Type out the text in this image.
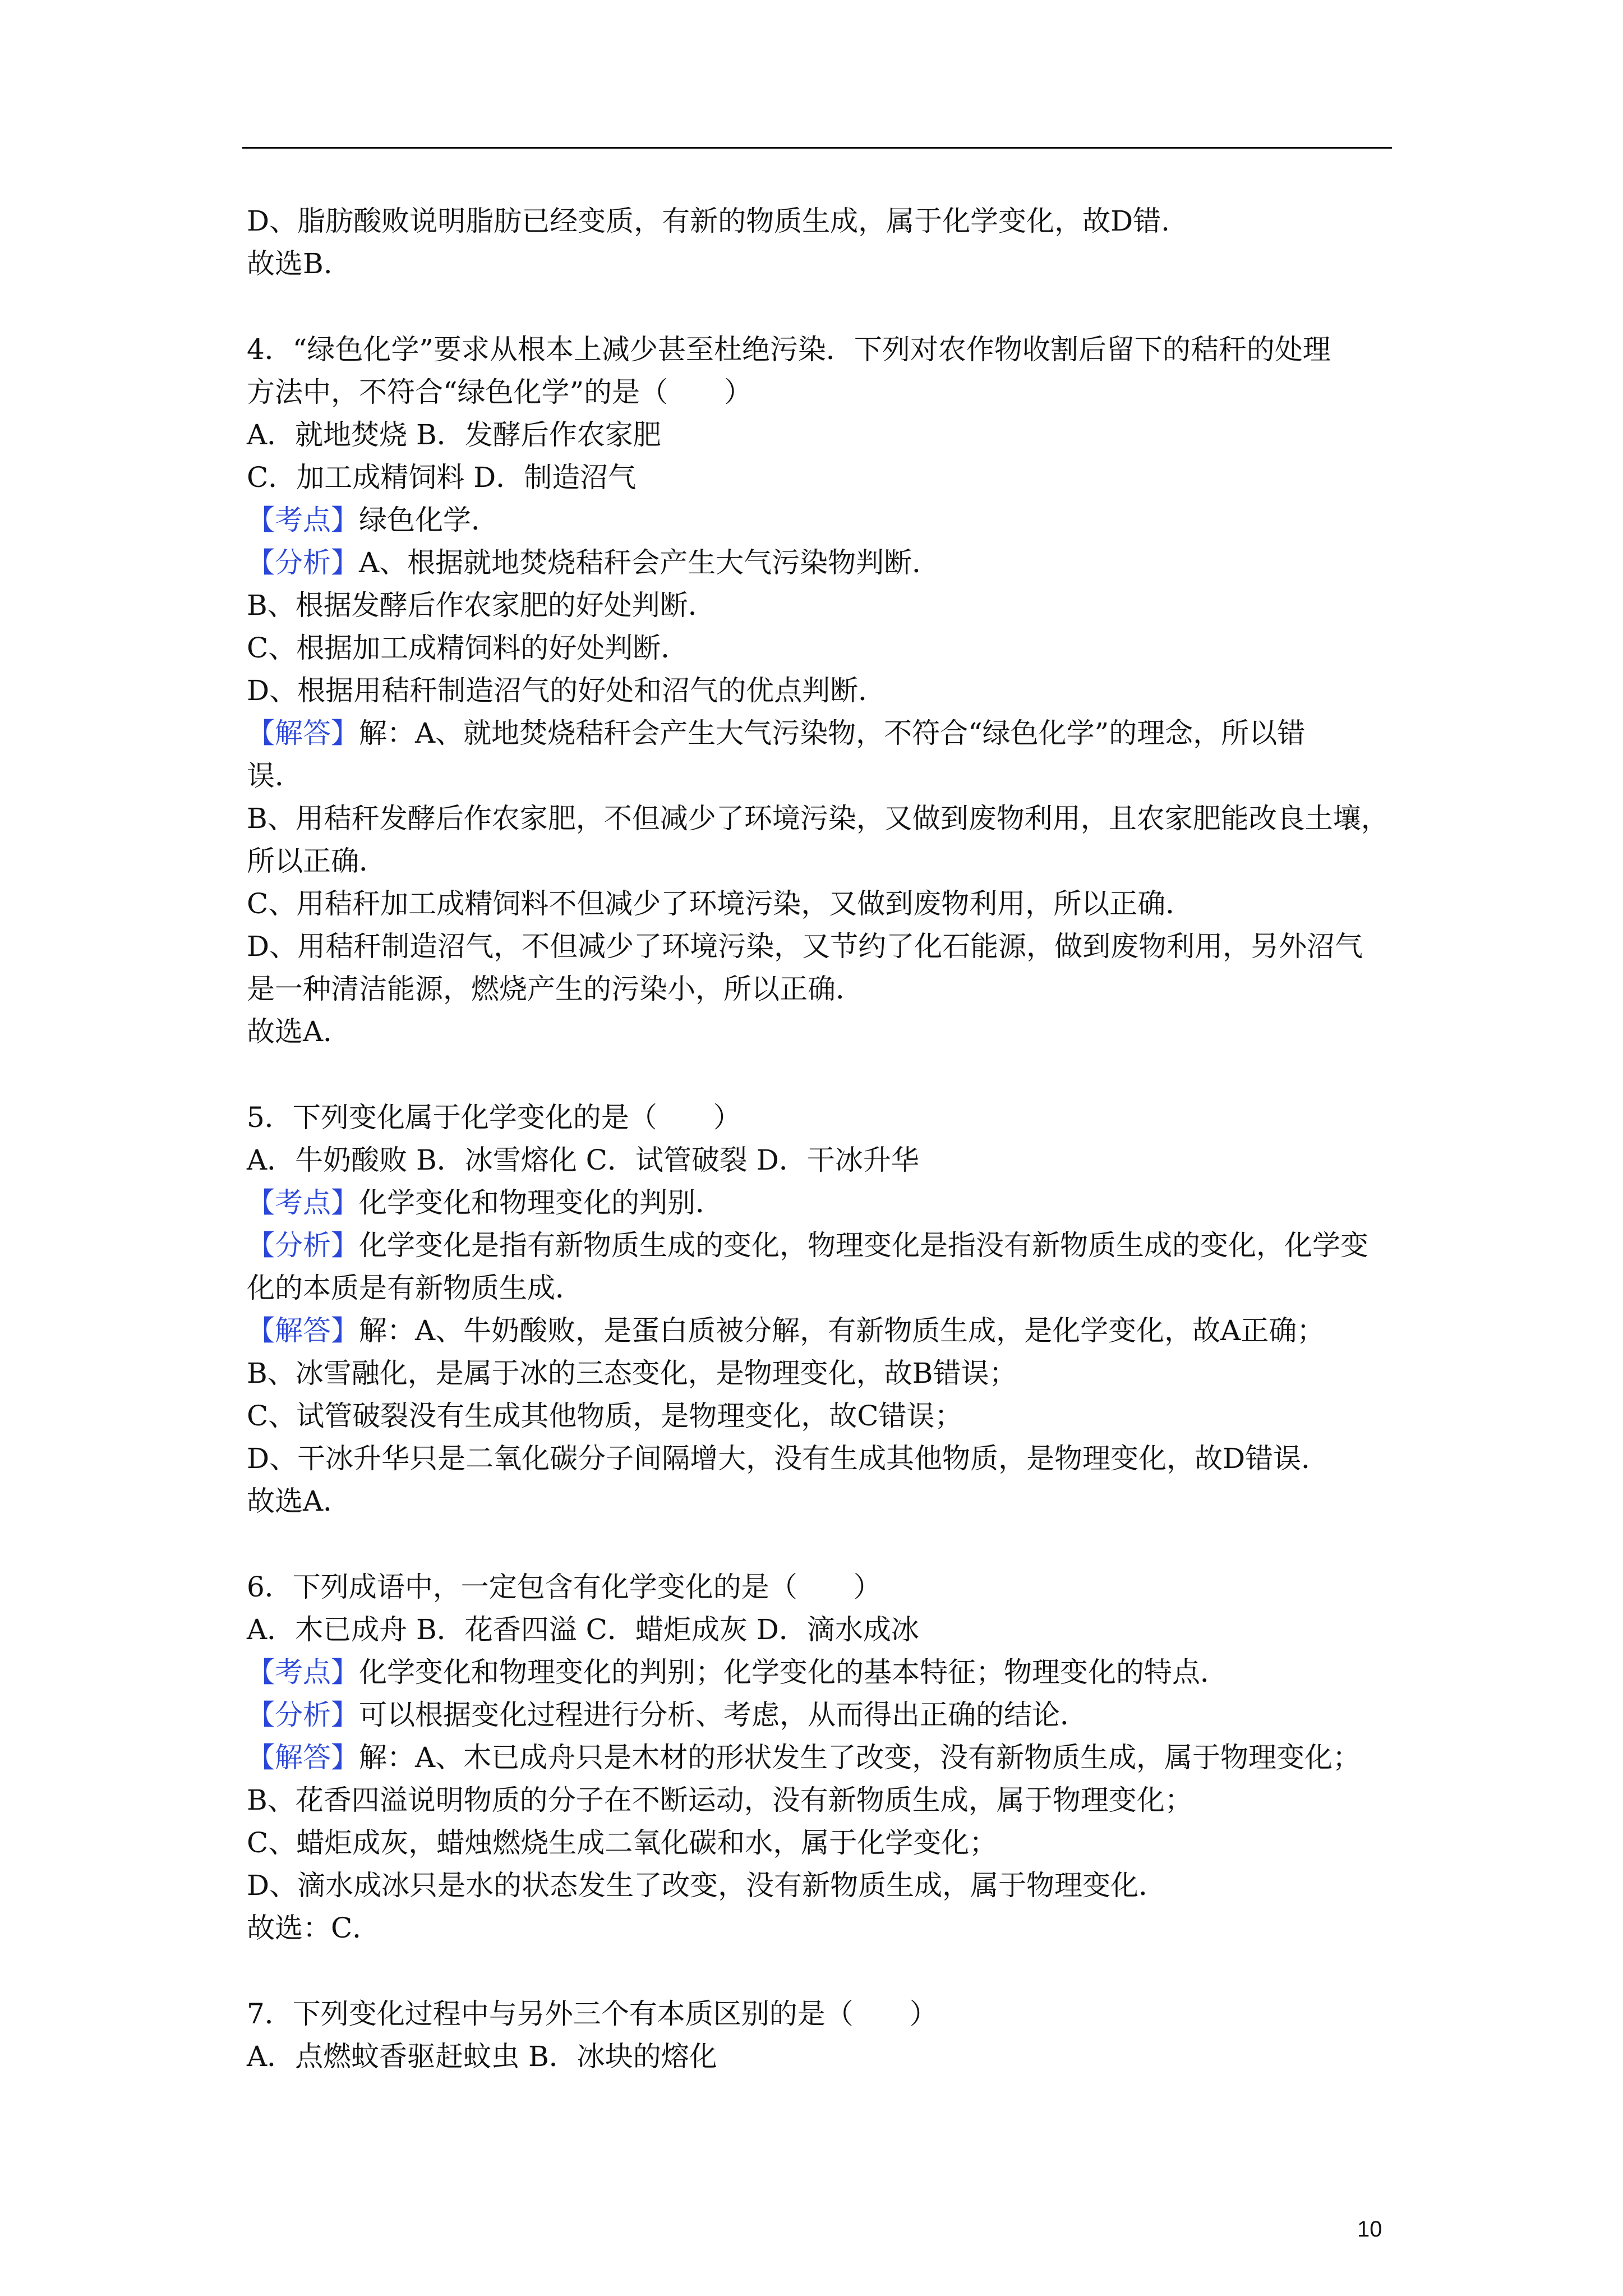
D、脂肪酸败说明脂肪已经变质，有新的物质生成，属于化学变化，故D错.
故选B.
4．“绿色化学”要求从根本上减少甚至杜绝污染．下列对农作物收割后留下的秸秆的处理
方法中，不符合“绿色化学”的是（　　）
A．就地焚烧 B．发酵后作农家肥
C．加工成精饲料 D．制造沼气
【考点】绿色化学．
【分析】A、根据就地焚烧秸秆会产生大气污染物判断．
B、根据发酵后作农家肥的好处判断．
C、根据加工成精饲料的好处判断．
D、根据用秸秆制造沼气的好处和沼气的优点判断．
【解答】解：A、就地焚烧秸秆会产生大气污染物，不符合“绿色化学”的理念，所以错
误．
B、用秸秆发酵后作农家肥，不但减少了环境污染，又做到废物利用，且农家肥能改良土壤，
所以正确．
C、用秸秆加工成精饲料不但减少了环境污染，又做到废物利用，所以正确．
D、用秸秆制造沼气，不但减少了环境污染，又节约了化石能源，做到废物利用，另外沼气
是一种清洁能源，燃烧产生的污染小，所以正确．
故选A．
5．下列变化属于化学变化的是（　　）
A．牛奶酸败 B．冰雪熔化 C．试管破裂 D．干冰升华
【考点】化学变化和物理变化的判别．
【分析】化学变化是指有新物质生成的变化，物理变化是指没有新物质生成的变化，化学变
化的本质是有新物质生成．
【解答】解：A、牛奶酸败，是蛋白质被分解，有新物质生成，是化学变化，故A正确；
B、冰雪融化，是属于冰的三态变化，是物理变化，故B错误；
C、试管破裂没有生成其他物质，是物理变化，故C错误；
D、干冰升华只是二氧化碳分子间隔增大，没有生成其他物质，是物理变化，故D错误．
故选A．
6．下列成语中，一定包含有化学变化的是（　　）
A．木已成舟 B．花香四溢 C．蜡炬成灰 D．滴水成冰
【考点】化学变化和物理变化的判别；化学变化的基本特征；物理变化的特点．
【分析】可以根据变化过程进行分析、考虑，从而得出正确的结论．
【解答】解：A、木已成舟只是木材的形状发生了改变，没有新物质生成，属于物理变化；
B、花香四溢说明物质的分子在不断运动，没有新物质生成，属于物理变化；
C、蜡炬成灰，蜡烛燃烧生成二氧化碳和水，属于化学变化；
D、滴水成冰只是水的状态发生了改变，没有新物质生成，属于物理变化．
故选：C．
7．下列变化过程中与另外三个有本质区别的是（　　）
A．点燃蚊香驱赶蚊虫 B．冰块的熔化
10
